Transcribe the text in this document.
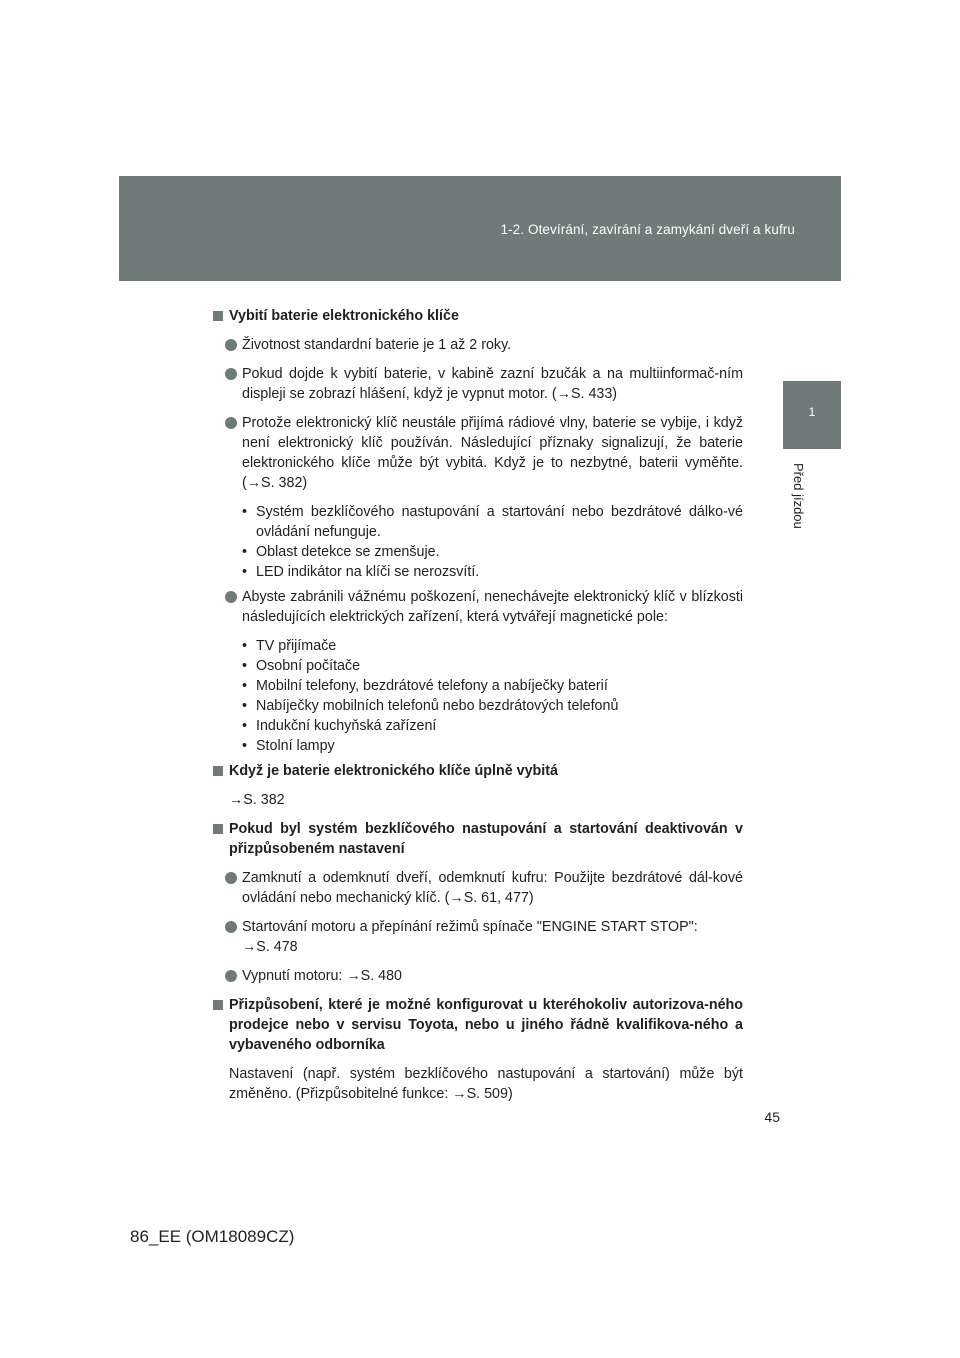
1-2. Otevírání, zavírání a zamykání dveří a kufru
1
Před jízdou
Vybití baterie elektronického klíče
Životnost standardní baterie je 1 až 2 roky.
Pokud dojde k vybití baterie, v kabině zazní bzučák a na multiinformač-ním displeji se zobrazí hlášení, když je vypnut motor. (→S. 433)
Protože elektronický klíč neustále přijímá rádiové vlny, baterie se vybije, i když není elektronický klíč používán. Následující příznaky signalizují, že baterie elektronického klíče může být vybitá. Když je to nezbytné, baterii vyměňte. (→S. 382)
• Systém bezklíčového nastupování a startování nebo bezdrátové dálko-vé ovládání nefunguje.
• Oblast detekce se zmenšuje.
• LED indikátor na klíči se nerozsvítí.
Abyste zabránili vážnému poškození, nenechávejte elektronický klíč v blízkosti následujících elektrických zařízení, která vytvářejí magnetické pole:
• TV přijímače
• Osobní počítače
• Mobilní telefony, bezdrátové telefony a nabíječky baterií
• Nabíječky mobilních telefonů nebo bezdrátových telefonů
• Indukční kuchyňská zařízení
• Stolní lampy
Když je baterie elektronického klíče úplně vybitá
→S. 382
Pokud byl systém bezklíčového nastupování a startování deaktivován v přizpůsobeném nastavení
Zamknutí a odemknutí dveří, odemknutí kufru: Použijte bezdrátové dál-kové ovládání nebo mechanický klíč. (→S. 61, 477)
Startování motoru a přepínání režimů spínače "ENGINE START STOP":
→S. 478
Vypnutí motoru: →S. 480
Přizpůsobení, které je možné konfigurovat u kteréhokoliv autorizova-ného prodejce nebo v servisu Toyota, nebo u jiného řádně kvalifikova-ného a vybaveného odborníka
Nastavení (např. systém bezklíčového nastupování a startování) může být změněno. (Přizpůsobitelné funkce: →S. 509)
45
86_EE (OM18089CZ)
